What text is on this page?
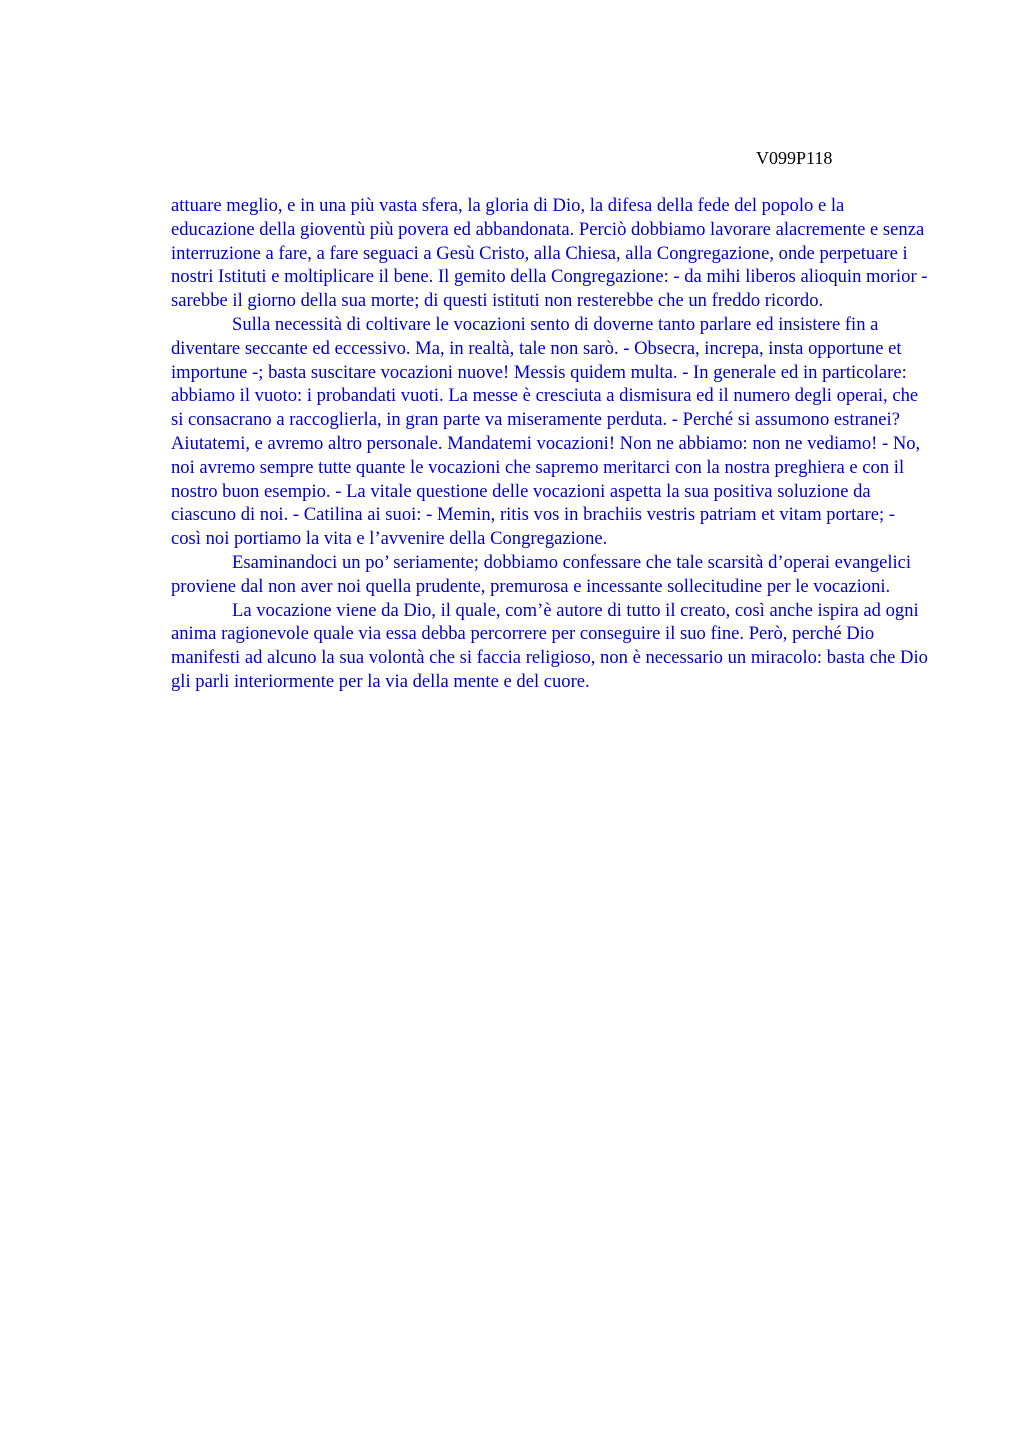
V099P118

attuare meglio, e in una più vasta sfera, la gloria di Dio, la difesa della fede del popolo e la educazione della gioventù più povera ed abbandonata. Perciò dobbiamo lavorare alacremente e senza interruzione a fare, a fare seguaci a Gesù Cristo, alla Chiesa, alla Congregazione, onde perpetuare i nostri Istituti e moltiplicare il bene. Il gemito della Congregazione: - da mihi liberos alioquin morior - sarebbe il giorno della sua morte; di questi istituti non resterebbe che un freddo ricordo.

Sulla necessità di coltivare le vocazioni sento di doverne tanto parlare ed insistere fin a diventare seccante ed eccessivo. Ma, in realtà, tale non sarò. - Obsecra, increpa, insta opportune et importune -; basta suscitare vocazioni nuove! Messis quidem multa. - In generale ed in particolare: abbiamo il vuoto: i probandati vuoti. La messe è cresciuta a dismisura ed il numero degli operai, che si consacrano a raccoglierla, in gran parte va miseramente perduta. - Perché si assumono estranei? Aiutatemi, e avremo altro personale. Mandatemi vocazioni! Non ne abbiamo: non ne vediamo! - No, noi avremo sempre tutte quante le vocazioni che sapremo meritarci con la nostra preghiera e con il nostro buon esempio. - La vitale questione delle vocazioni aspetta la sua positiva soluzione da ciascuno di noi. - Catilina ai suoi: - Memin, ritis vos in brachiis vestris patriam et vitam portare; - così noi portiamo la vita e l’avvenire della Congregazione.

Esaminandoci un po’ seriamente; dobbiamo confessare che tale scarsità d’operai evangelici proviene dal non aver noi quella prudente, premurosa e incessante sollecitudine per le vocazioni.

La vocazione viene da Dio, il quale, com’è autore di tutto il creato, così anche ispira ad ogni anima ragionevole quale via essa debba percorrere per conseguire il suo fine. Però, perché Dio manifesti ad alcuno la sua volontà che si faccia religioso, non è necessario un miracolo: basta che Dio gli parli interiormente per la via della mente e del cuore.
